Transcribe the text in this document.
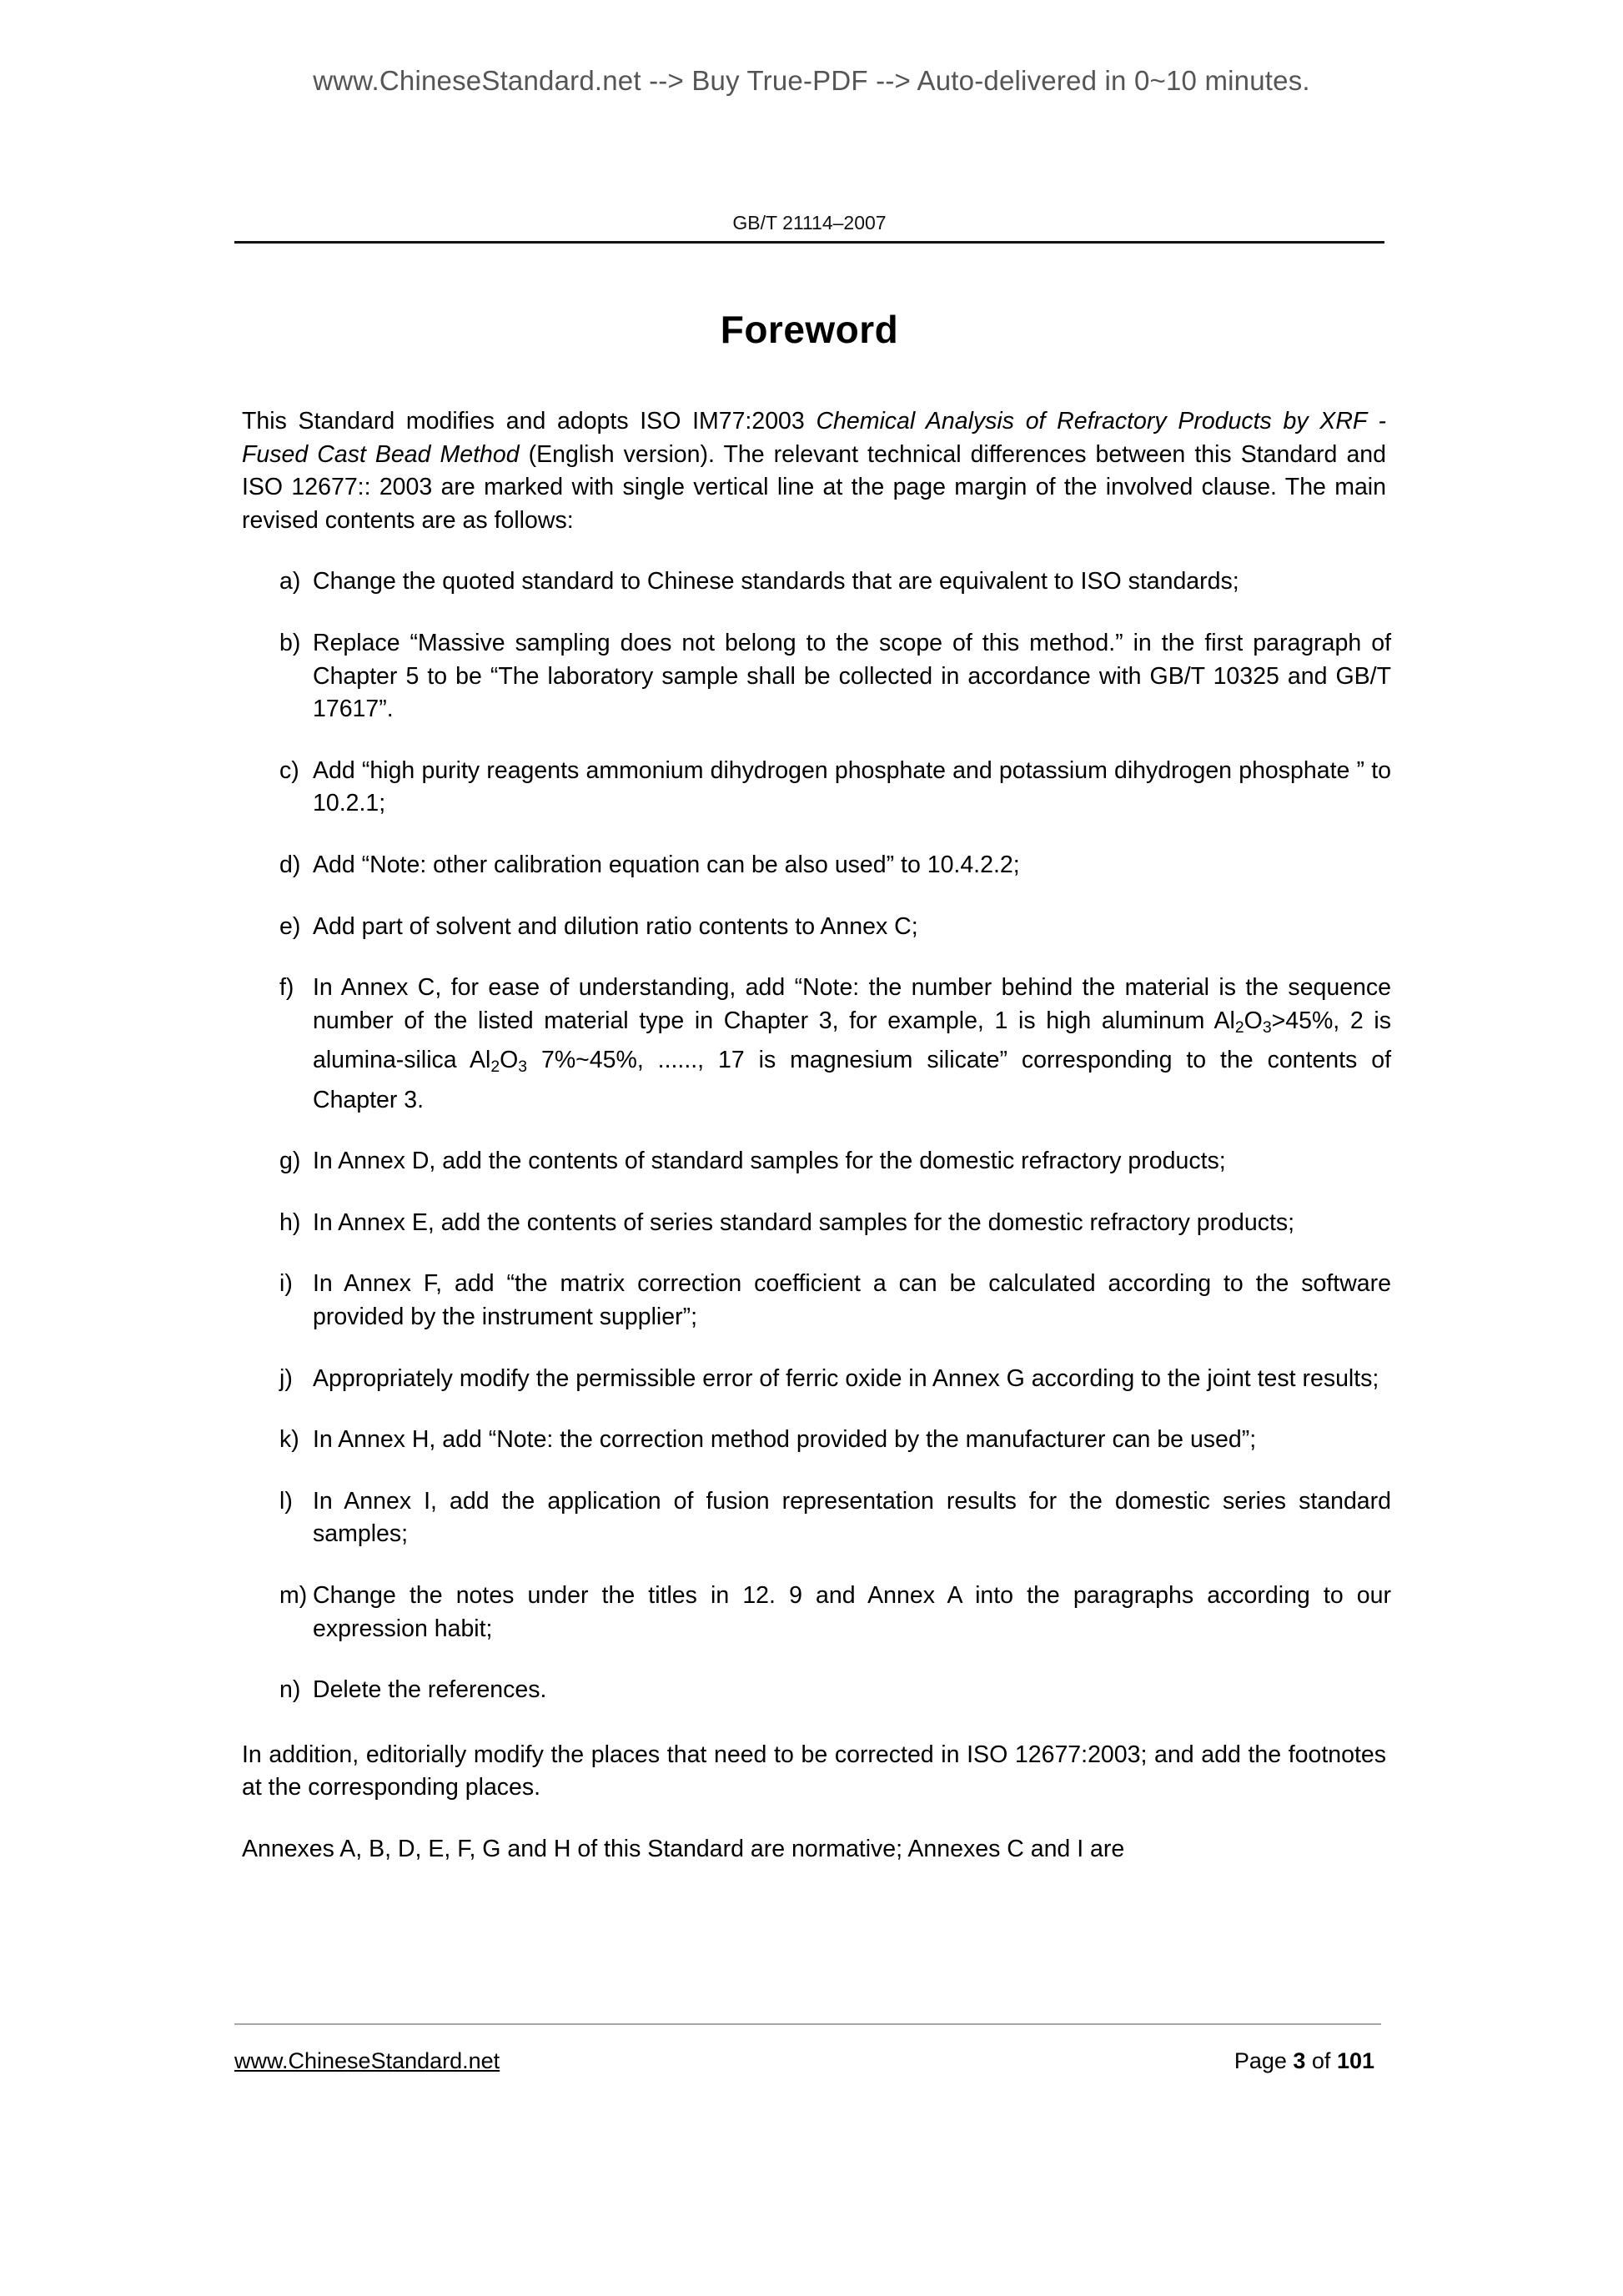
www.ChineseStandard.net --> Buy True-PDF --> Auto-delivered in 0~10 minutes.
GB/T 21114–2007
Foreword

This Standard modifies and adopts ISO IM77:2003 Chemical Analysis of Refractory Products by XRF - Fused Cast Bead Method (English version). The relevant technical differences between this Standard and ISO 12677:: 2003 are marked with single vertical line at the page margin of the involved clause. The main revised contents are as follows:

a) Change the quoted standard to Chinese standards that are equivalent to ISO standards;
b) Replace “Massive sampling does not belong to the scope of this method.” in the first paragraph of Chapter 5 to be “The laboratory sample shall be collected in accordance with GB/T 10325 and GB/T 17617”.
c) Add “high purity reagents ammonium dihydrogen phosphate and potassium dihydrogen phosphate ” to 10.2.1;
d) Add “Note: other calibration equation can be also used” to 10.4.2.2;
e) Add part of solvent and dilution ratio contents to Annex C;
f) In Annex C, for ease of understanding, add “Note: the number behind the material is the sequence number of the listed material type in Chapter 3, for example, 1 is high aluminum $Al_2O_3>45\%$, 2 is alumina-silica $Al_2O_3$ 7%~45%, ......, 17 is magnesium silicate” corresponding to the contents of Chapter 3.
g) In Annex D, add the contents of standard samples for the domestic refractory products;
h) In Annex E, add the contents of series standard samples for the domestic refractory products;
i) In Annex F, add “the matrix correction coefficient a can be calculated according to the software provided by the instrument supplier”;
j) Appropriately modify the permissible error of ferric oxide in Annex G according to the joint test results;
k) In Annex H, add “Note: the correction method provided by the manufacturer can be used”;
l) In Annex I, add the application of fusion representation results for the domestic series standard samples;
m) Change the notes under the titles in 12. 9 and Annex A into the paragraphs according to our expression habit;
n) Delete the references.

In addition, editorially modify the places that need to be corrected in ISO 12677:2003; and add the footnotes at the corresponding places.

Annexes A, B, D, E, F, G and H of this Standard are normative; Annexes C and I are

www.ChineseStandard.net	Page 3 of 101
